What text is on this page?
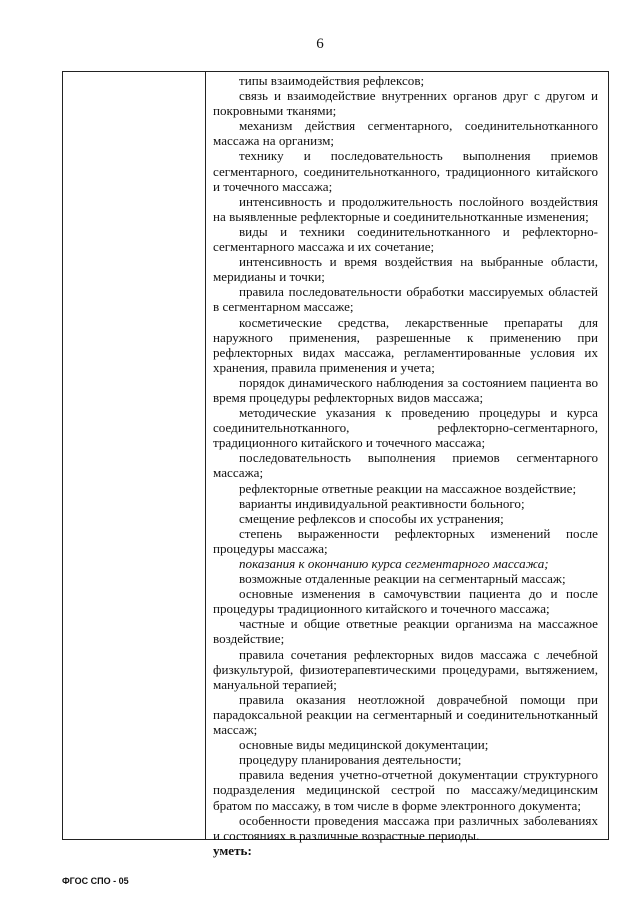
6

типы взаимодействия рефлексов;

связь и взаимодействие внутренних органов друг с другом и покровными тканями;

механизм действия сегментарного, соединительнотканного массажа на организм;

технику и последовательность выполнения приемов сегментарного, соединительнотканного, традиционного китайского и точечного массажа;

интенсивность и продолжительность послойного воздействия на выявленные рефлекторные и соединительнотканные изменения;

виды и техники соединительнотканного и рефлекторно-сегментарного массажа и их сочетание;

интенсивность и время воздействия на выбранные области, меридианы и точки;

правила последовательности обработки массируемых областей в сегментарном массаже;

косметические средства, лекарственные препараты для наружного применения, разрешенные к применению при рефлекторных видах массажа, регламентированные условия их хранения, правила применения и учета;

порядок динамического наблюдения за состоянием пациента во время процедуры рефлекторных видов массажа;

методические указания к проведению процедуры и курса соединительнотканного, рефлекторно-сегментарного, традиционного китайского и точечного массажа;

последовательность выполнения приемов сегментарного массажа;

рефлекторные ответные реакции на массажное воздействие;

варианты индивидуальной реактивности больного;

смещение рефлексов и способы их устранения;

степень выраженности рефлекторных изменений после процедуры массажа;

показания к окончанию курса сегментарного массажа;

возможные отдаленные реакции на сегментарный массаж;

основные изменения в самочувствии пациента до и после процедуры традиционного китайского и точечного массажа;

частные и общие ответные реакции организма на массажное воздействие;

правила сочетания рефлекторных видов массажа с лечебной физкультурой, физиотерапевтическими процедурами, вытяжением, мануальной терапией;

правила оказания неотложной доврачебной помощи при парадоксальной реакции на сегментарный и соединительнотканный массаж;

основные виды медицинской документации;

процедуру планирования деятельности;

правила ведения учетно-отчетной документации структурного подразделения медицинской сестрой по массажу/медицинским братом по массажу, в том числе в форме электронного документа;

особенности проведения массажа при различных заболеваниях и состояниях в различные возрастные периоды.

уметь:

ФГОС СПО - 05
